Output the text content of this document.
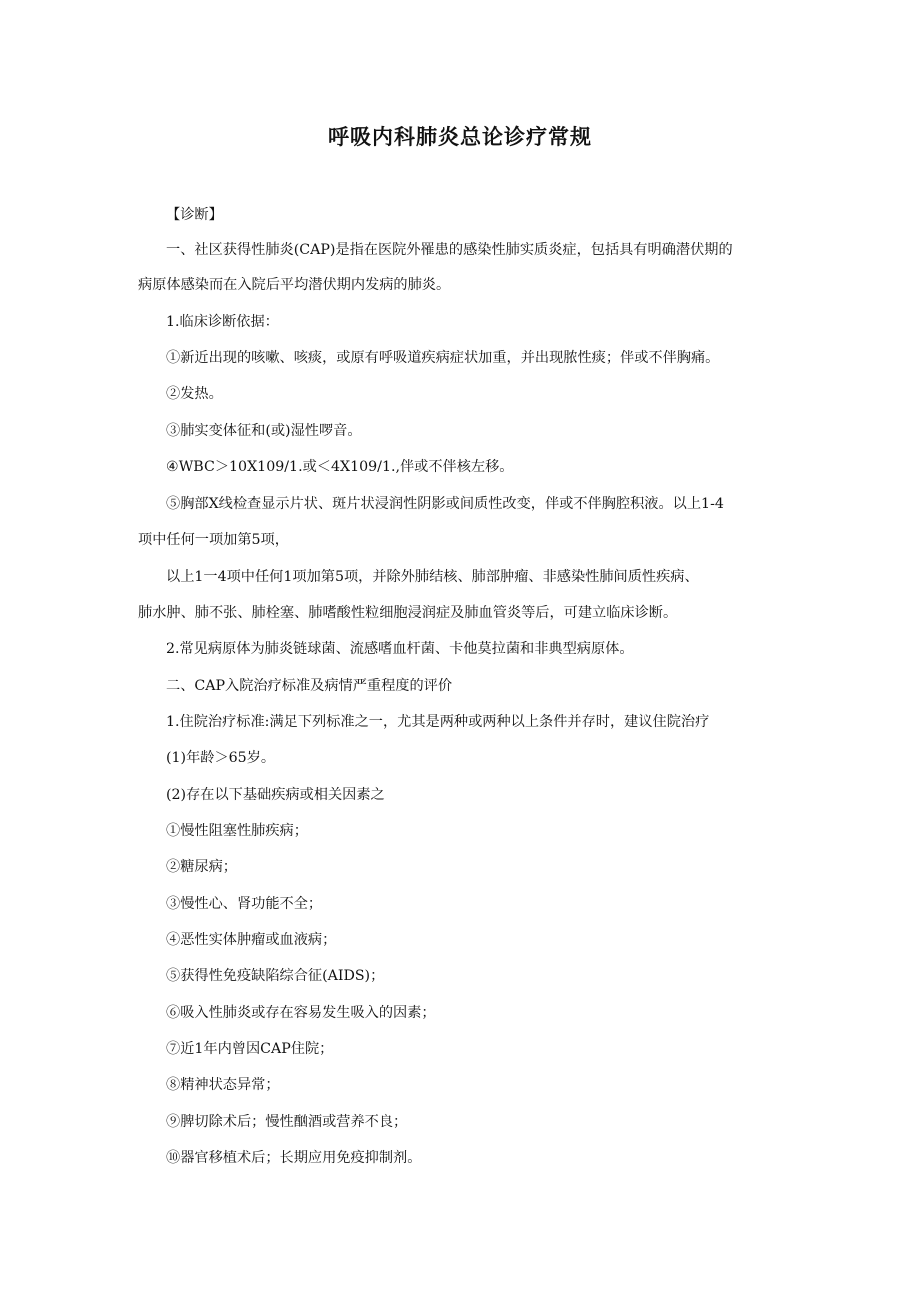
呼吸内科肺炎总论诊疗常规

【诊断】

一、社区获得性肺炎(CAP)是指在医院外罹患的感染性肺实质炎症，包括具有明确潜伏期的

病原体感染而在入院后平均潜伏期内发病的肺炎。

1.临床诊断依据：

①新近出现的咳嗽、咳痰，或原有呼吸道疾病症状加重，并出现脓性痰；伴或不伴胸痛。

②发热。

③肺实变体征和(或)湿性啰音。

④WBC＞10X109/1.或＜4X109/1.,伴或不伴核左移。

⑤胸部X线检查显示片状、斑片状浸润性阴影或间质性改变，伴或不伴胸腔积液。以上1-4

项中任何一项加第5项，

以上1一4项中任何1项加第5项，并除外肺结核、肺部肿瘤、非感染性肺间质性疾病、

肺水肿、肺不张、肺栓塞、肺嗜酸性粒细胞浸润症及肺血管炎等后，可建立临床诊断。

2.常见病原体为肺炎链球菌、流感嗜血杆菌、卡他莫拉菌和非典型病原体。

二、CAP入院治疗标准及病情严重程度的评价

1.住院治疗标准:满足下列标准之一，尤其是两种或两种以上条件并存时，建议住院治疗

(1)年龄＞65岁。

(2)存在以下基础疾病或相关因素之

①慢性阻塞性肺疾病；

②糖尿病；

③慢性心、肾功能不全；

④恶性实体肿瘤或血液病；

⑤获得性免疫缺陷综合征(AIDS)；

⑥吸入性肺炎或存在容易发生吸入的因素；

⑦近1年内曾因CAP住院；

⑧精神状态异常；

⑨脾切除术后；慢性酗酒或营养不良；

⑩器官移植术后；长期应用免疫抑制剂。
